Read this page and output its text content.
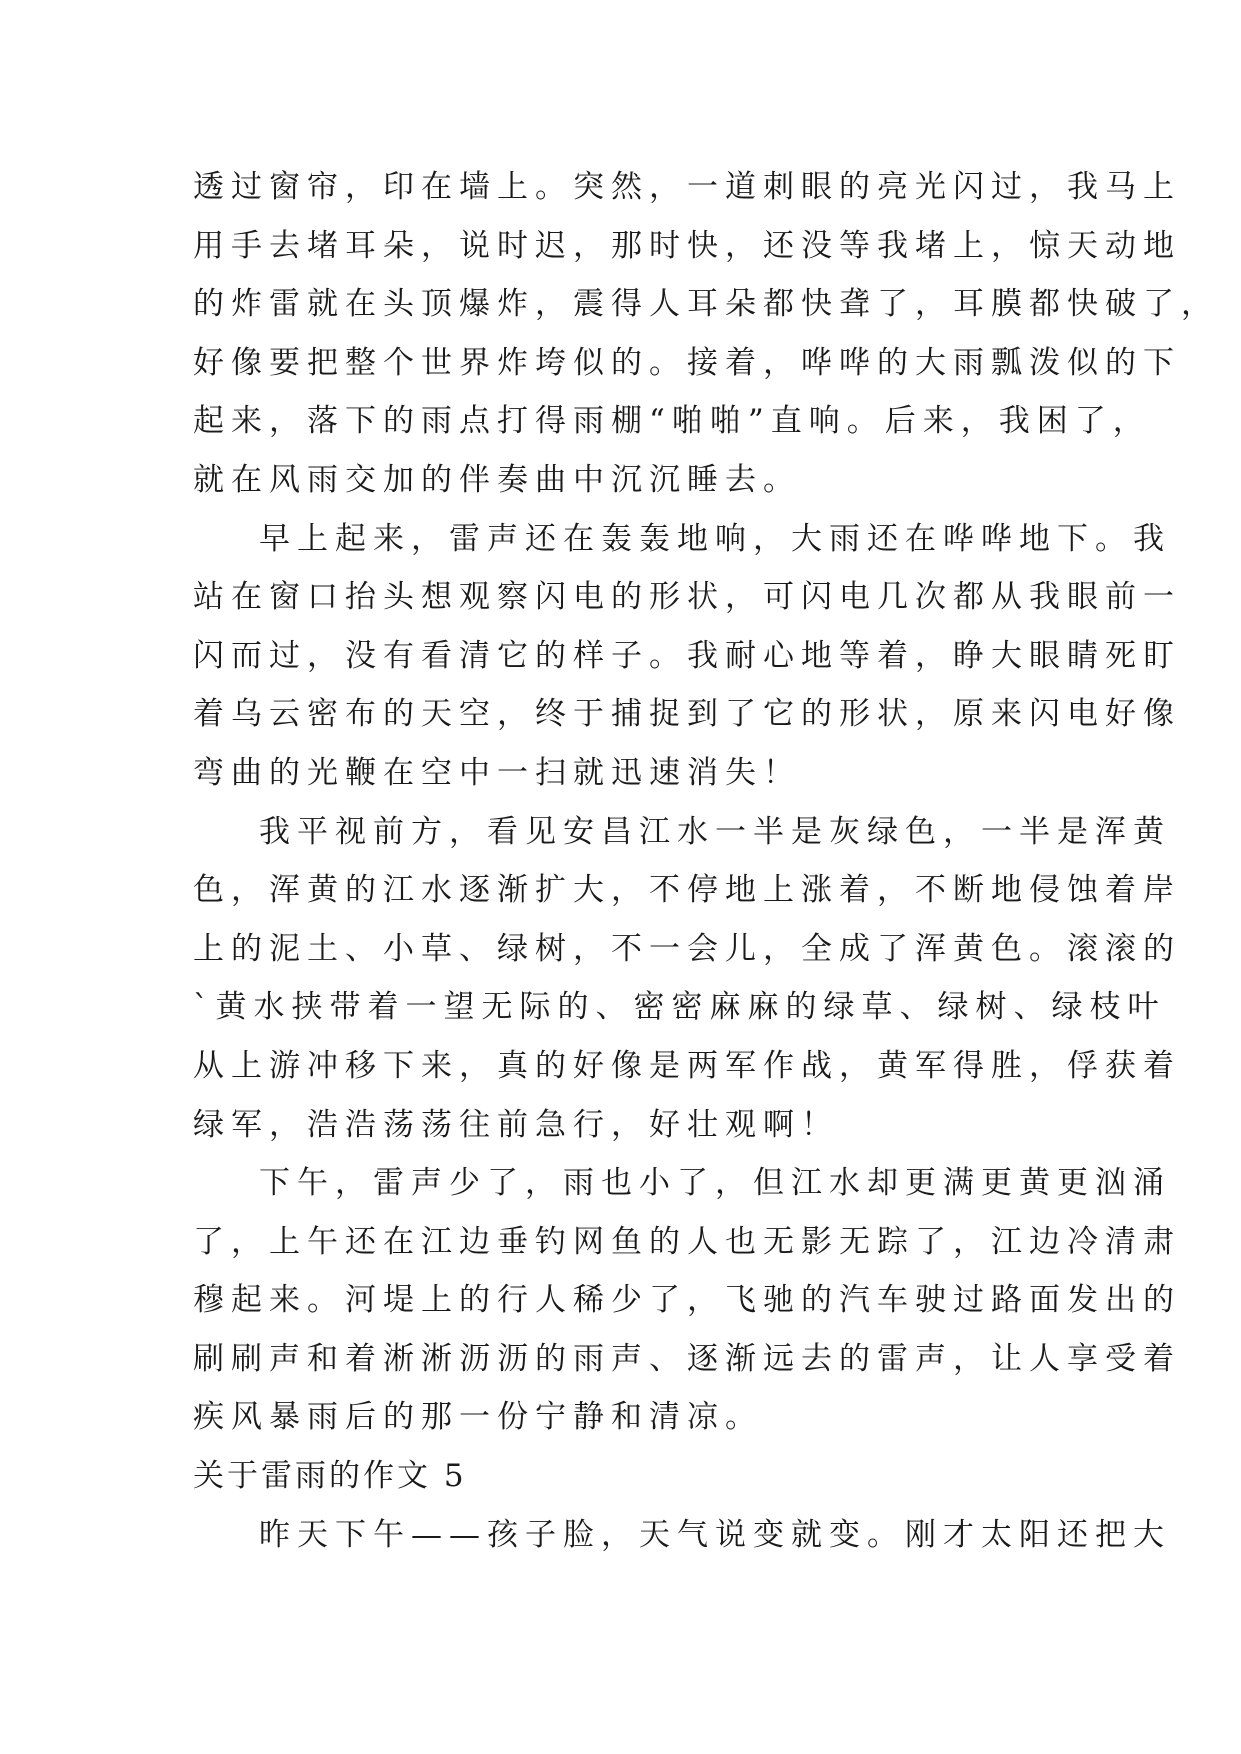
透过窗帘，印在墙上。突然，一道刺眼的亮光闪过，我马上
用手去堵耳朵，说时迟，那时快，还没等我堵上，惊天动地
的炸雷就在头顶爆炸，震得人耳朵都快聋了，耳膜都快破了，
好像要把整个世界炸垮似的。接着，哗哗的大雨瓢泼似的下
起来，落下的雨点打得雨棚“啪啪”直响。后来，我困了，
就在风雨交加的伴奏曲中沉沉睡去。
早上起来，雷声还在轰轰地响，大雨还在哗哗地下。我
站在窗口抬头想观察闪电的形状，可闪电几次都从我眼前一
闪而过，没有看清它的样子。我耐心地等着，睁大眼睛死盯
着乌云密布的天空，终于捕捉到了它的形状，原来闪电好像
弯曲的光鞭在空中一扫就迅速消失！
我平视前方，看见安昌江水一半是灰绿色，一半是浑黄
色，浑黄的江水逐渐扩大，不停地上涨着，不断地侵蚀着岸
上的泥土、小草、绿树，不一会儿，全成了浑黄色。滚滚的
`黄水挟带着一望无际的、密密麻麻的绿草、绿树、绿枝叶
从上游冲移下来，真的好像是两军作战，黄军得胜，俘获着
绿军，浩浩荡荡往前急行，好壮观啊！
下午，雷声少了，雨也小了，但江水却更满更黄更汹涌
了，上午还在江边垂钓网鱼的人也无影无踪了，江边冷清肃
穆起来。河堤上的行人稀少了，飞驰的汽车驶过路面发出的
刷刷声和着淅淅沥沥的雨声、逐渐远去的雷声，让人享受着
疾风暴雨后的那一份宁静和清凉。
关于雷雨的作文 5
昨天下午——孩子脸，天气说变就变。刚才太阳还把大
